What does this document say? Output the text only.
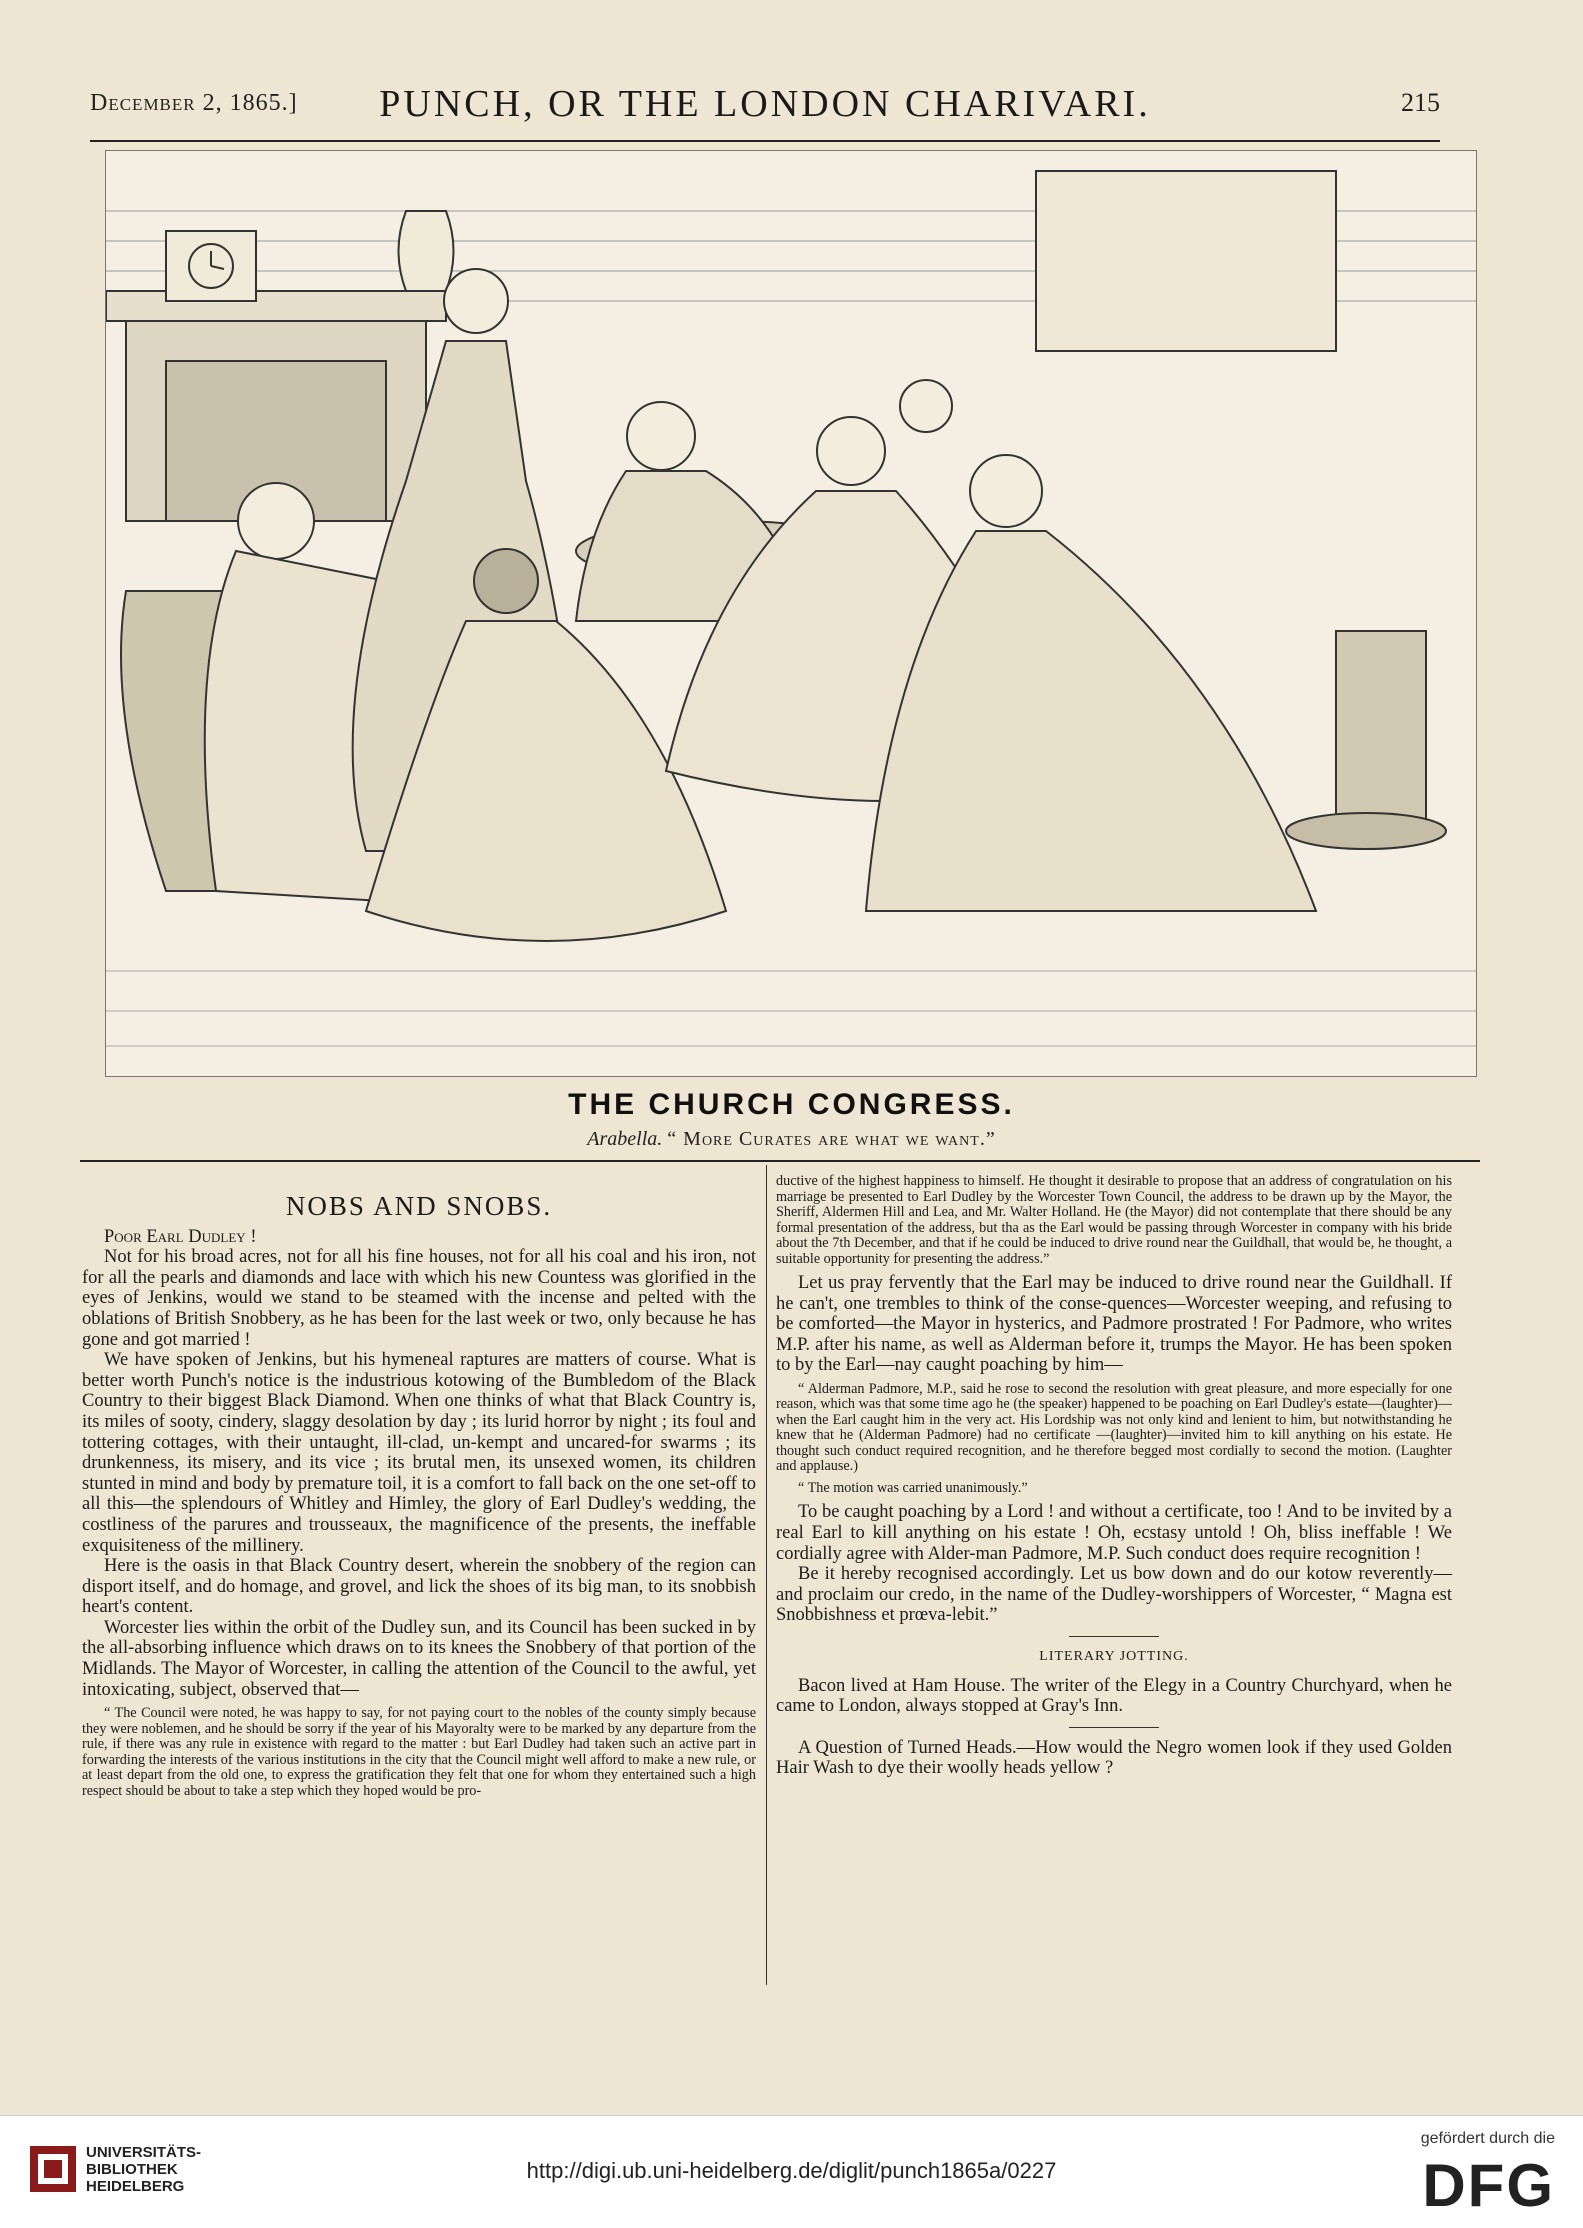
December 2, 1865.]	PUNCH, OR THE LONDON CHARIVARI.	215
THE CHURCH CONGRESS.
Arabella. “ More Curates are what we want.”
NOBS AND SNOBS.

Poor Earl Dudley !

Not for his broad acres, not for all his fine houses, not for all his coal and his iron, not for all the pearls and diamonds and lace with which his new Countess was glorified in the eyes of Jenkins, would we stand to be steamed with the incense and pelted with the oblations of British Snobbery, as he has been for the last week or two, only because he has gone and got married !

We have spoken of Jenkins, but his hymeneal raptures are matters of course. What is better worth Punch's notice is the industrious kotowing of the Bumbledom of the Black Country to their biggest Black Diamond. When one thinks of what that Black Country is, its miles of sooty, cindery, slaggy desolation by day ; its lurid horror by night ; its foul and tottering cottages, with their untaught, ill-clad, un-kempt and uncared-for swarms ; its drunkenness, its misery, and its vice ; its brutal men, its unsexed women, its children stunted in mind and body by premature toil, it is a comfort to fall back on the one set-off to all this—the splendours of Whitley and Himley, the glory of Earl Dudley's wedding, the costliness of the parures and trousseaux, the magnificence of the presents, the ineffable exquisiteness of the millinery.

Here is the oasis in that Black Country desert, wherein the snobbery of the region can disport itself, and do homage, and grovel, and lick the shoes of its big man, to its snobbish heart's content.

Worcester lies within the orbit of the Dudley sun, and its Council has been sucked in by the all-absorbing influence which draws on to its knees the Snobbery of that portion of the Midlands. The Mayor of Worcester, in calling the attention of the Council to the awful, yet intoxicating, subject, observed that—

“ The Council were noted, he was happy to say, for not paying court to the nobles of the county simply because they were noblemen, and he should be sorry if the year of his Mayoralty were to be marked by any departure from the rule, if there was any rule in existence with regard to the matter : but Earl Dudley had taken such an active part in forwarding the interests of the various institutions in the city that the Council might well afford to make a new rule, or at least depart from the old one, to express the gratification they felt that one for whom they entertained such a high respect should be about to take a step which they hoped would be pro-

ductive of the highest happiness to himself. He thought it desirable to propose that an address of congratulation on his marriage be presented to Earl Dudley by the Worcester Town Council, the address to be drawn up by the Mayor, the Sheriff, Aldermen Hill and Lea, and Mr. Walter Holland. He (the Mayor) did not contemplate that there should be any formal presentation of the address, but tha as the Earl would be passing through Worcester in company with his bride about the 7th December, and that if he could be induced to drive round near the Guildhall, that would be, he thought, a suitable opportunity for presenting the address.”

Let us pray fervently that the Earl may be induced to drive round near the Guildhall. If he can't, one trembles to think of the conse-quences—Worcester weeping, and refusing to be comforted—the Mayor in hysterics, and Padmore prostrated ! For Padmore, who writes M.P. after his name, as well as Alderman before it, trumps the Mayor. He has been spoken to by the Earl—nay caught poaching by him—

“ Alderman Padmore, M.P., said he rose to second the resolution with great pleasure, and more especially for one reason, which was that some time ago he (the speaker) happened to be poaching on Earl Dudley's estate—(laughter)—when the Earl caught him in the very act. His Lordship was not only kind and lenient to him, but notwithstanding he knew that he (Alderman Padmore) had no certificate —(laughter)—invited him to kill anything on his estate. He thought such conduct required recognition, and he therefore begged most cordially to second the motion. (Laughter and applause.)

“ The motion was carried unanimously.”

To be caught poaching by a Lord ! and without a certificate, too ! And to be invited by a real Earl to kill anything on his estate ! Oh, ecstasy untold ! Oh, bliss ineffable ! We cordially agree with Alder-man Padmore, M.P. Such conduct does require recognition !

Be it hereby recognised accordingly. Let us bow down and do our kotow reverently—and proclaim our credo, in the name of the Dudley-worshippers of Worcester, “ Magna est Snobbishness et prœva-lebit.”

LITERARY JOTTING.

Bacon lived at Ham House. The writer of the Elegy in a Country Churchyard, when he came to London, always stopped at Gray's Inn.

A Question of Turned Heads.—How would the Negro women look if they used Golden Hair Wash to dye their woolly heads yellow ?

UNIVERSITÄTS-
BIBLIOTHEK
HEIDELBERG
http://digi.ub.uni-heidelberg.de/diglit/punch1865a/0227
gefördert durch die
DFG
